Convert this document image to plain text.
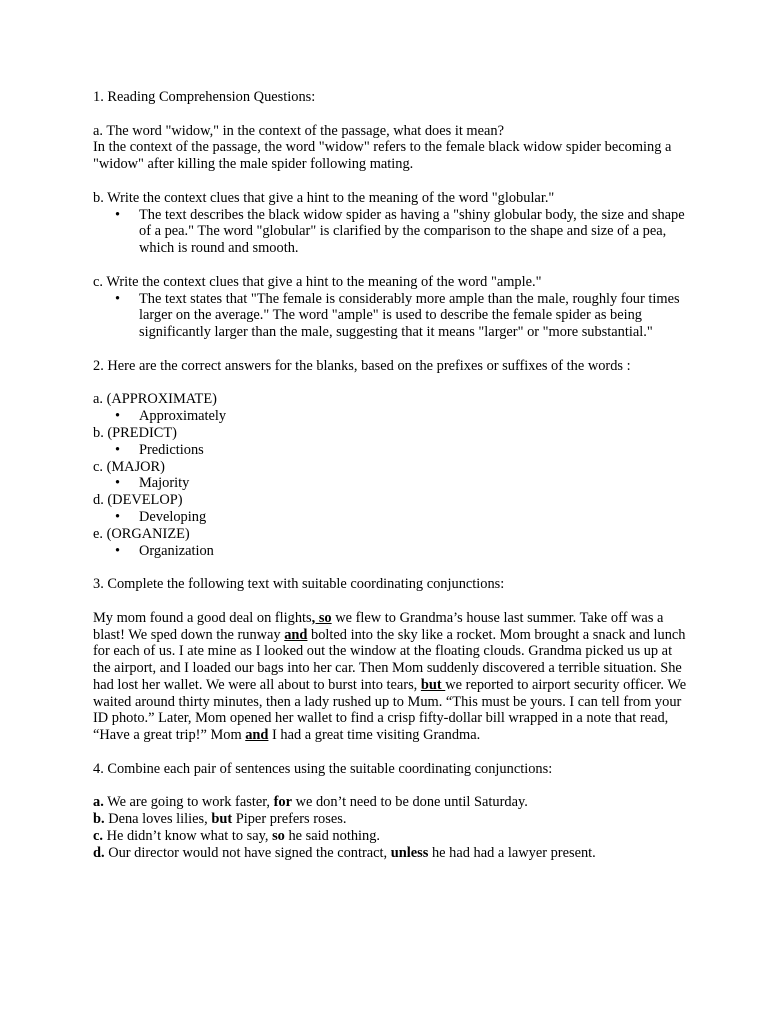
1. Reading Comprehension Questions:

a. The word "widow," in the context of the passage, what does it mean?

In the context of the passage, the word "widow" refers to the female black widow spider becoming a "widow" after killing the male spider following mating.

b. Write the context clues that give a hint to the meaning of the word "globular."

• The text describes the black widow spider as having a "shiny globular body, the size and shape of a pea." The word "globular" is clarified by the comparison to the shape and size of a pea, which is round and smooth.

c. Write the context clues that give a hint to the meaning of the word "ample."

• The text states that "The female is considerably more ample than the male, roughly four times larger on the average." The word "ample" is used to describe the female spider as being significantly larger than the male, suggesting that it means "larger" or "more substantial."

2. Here are the correct answers for the blanks, based on the prefixes or suffixes of the words :

a. (APPROXIMATE)

• Approximately

b. (PREDICT)

• Predictions

c. (MAJOR)

• Majority

d. (DEVELOP)

• Developing

e. (ORGANIZE)

• Organization

3. Complete the following text with suitable coordinating conjunctions:

My mom found a good deal on flights, so we flew to Grandma’s house last summer. Take off was a blast! We sped down the runway and bolted into the sky like a rocket. Mom brought a snack and lunch for each of us. I ate mine as I looked out the window at the floating clouds. Grandma picked us up at the airport, and I loaded our bags into her car. Then Mom suddenly discovered a terrible situation. She had lost her wallet. We were all about to burst into tears, but we reported to airport security officer. We waited around thirty minutes, then a lady rushed up to Mum. “This must be yours. I can tell from your ID photo.” Later, Mom opened her wallet to find a crisp fifty-dollar bill wrapped in a note that read, “Have a great trip!” Mom and I had a great time visiting Grandma.

4. Combine each pair of sentences using the suitable coordinating conjunctions:

a. We are going to work faster, for we don’t need to be done until Saturday.

b. Dena loves lilies, but Piper prefers roses.

c. He didn’t know what to say, so he said nothing.

d. Our director would not have signed the contract, unless he had had a lawyer present.
